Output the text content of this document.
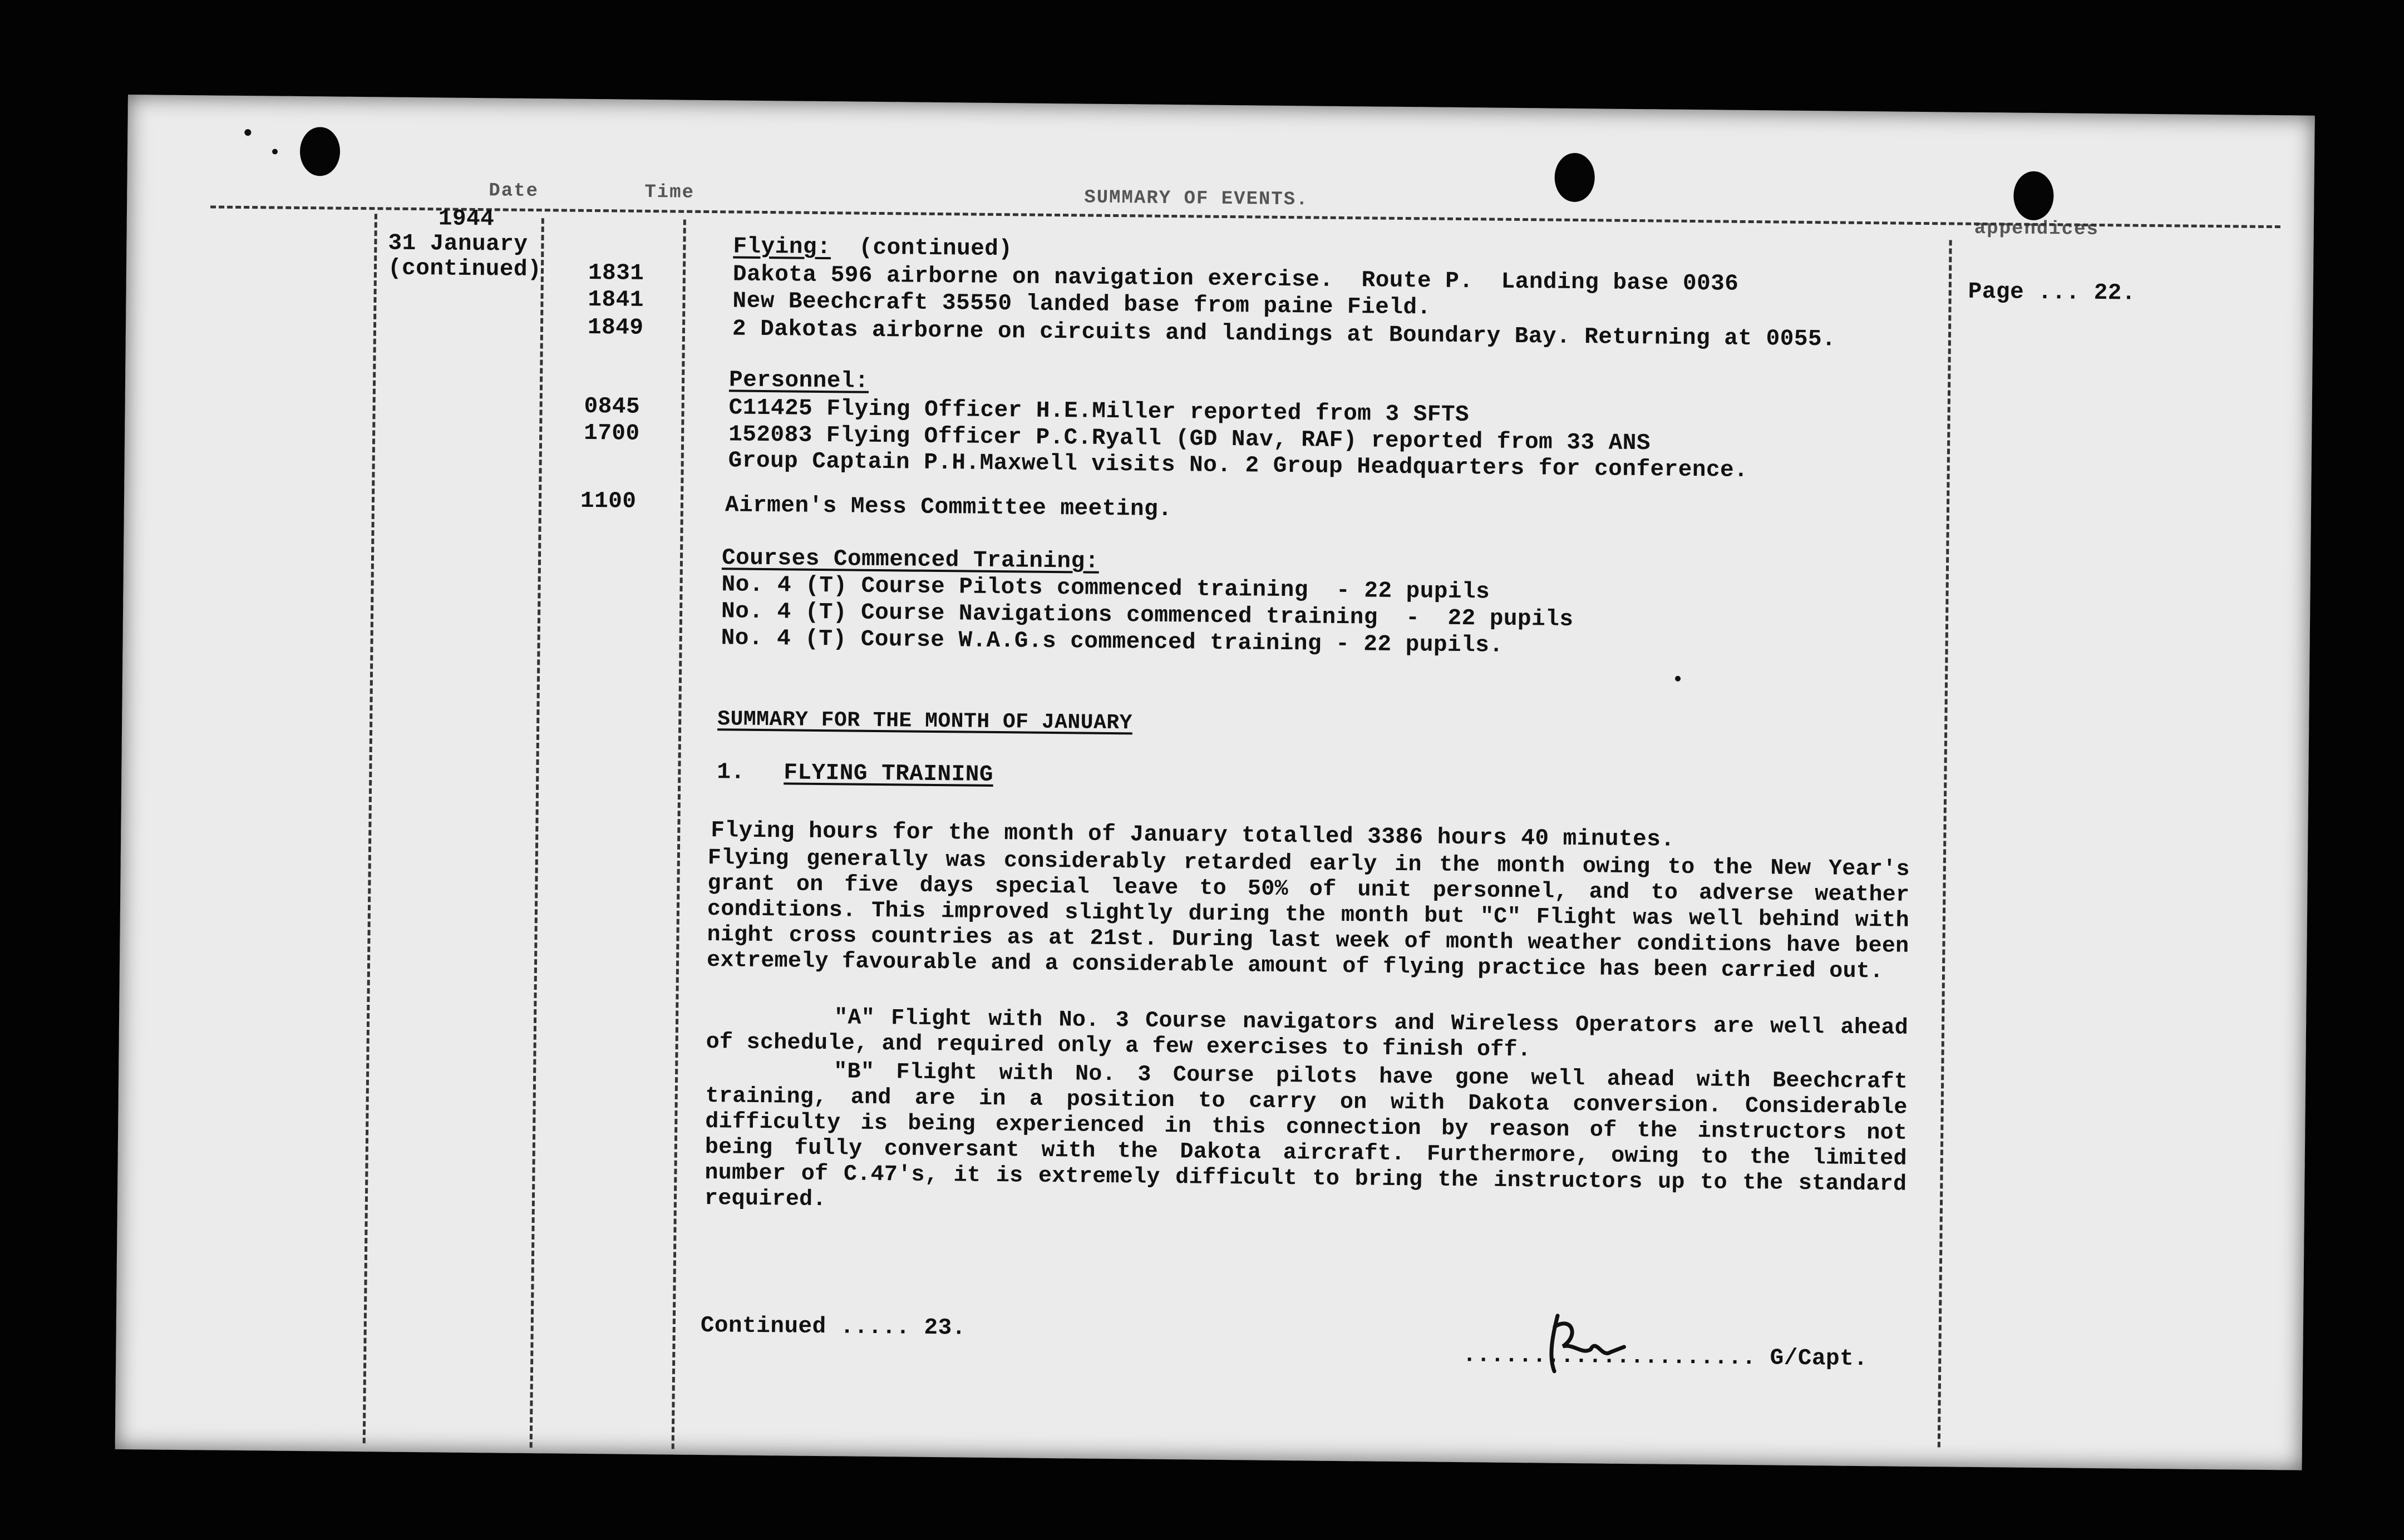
Date	Time	SUMMARY OF EVENTS.
appendices
1944
31 January
(continued)
Page ... 22.
Flying:  (continued)
1831	Dakota 596 airborne on navigation exercise.  Route P.  Landing base 0036
1841	New Beechcraft 35550 landed base from paine Field.
1849	2 Dakotas airborne on circuits and landings at Boundary Bay. Returning at 0055.
Personnel:
0845	C11425 Flying Officer H.E.Miller reported from 3 SFTS
1700	152083 Flying Officer P.C.Ryall (GD Nav, RAF) reported from 33 ANS
Group Captain P.H.Maxwell visits No. 2 Group Headquarters for conference.
1100	Airmen's Mess Committee meeting.
Courses Commenced Training:
No. 4 (T) Course Pilots commenced training  - 22 pupils
No. 4 (T) Course Navigations commenced training  -  22 pupils
No. 4 (T) Course W.A.G.s commenced training - 22 pupils.
SUMMARY FOR THE MONTH OF JANUARY
1. FLYING TRAINING
Flying hours for the month of January totalled 3386 hours 40 minutes.
Flying generally was considerably retarded early in the month owing to the New Year's grant on five days special leave to 50% of unit personnel, and to adverse weather conditions. This improved slightly during the month but "C" Flight was well behind with night cross countries as at 21st. During last week of month weather conditions have been extremely favourable and a considerable amount of flying practice has been carried out.
"A" Flight with No. 3 Course navigators and Wireless Operators are well ahead of schedule, and required only a few exercises to finish off.
"B" Flight with No. 3 Course pilots have gone well ahead with Beechcraft training, and are in a position to carry on with Dakota conversion. Considerable difficulty is being experienced in this connection by reason of the instructors not being fully conversant with the Dakota aircraft. Furthermore, owing to the limited number of C.47's, it is extremely difficult to bring the instructors up to the standard required.
Continued ..... 23.
..................... G/Capt.
